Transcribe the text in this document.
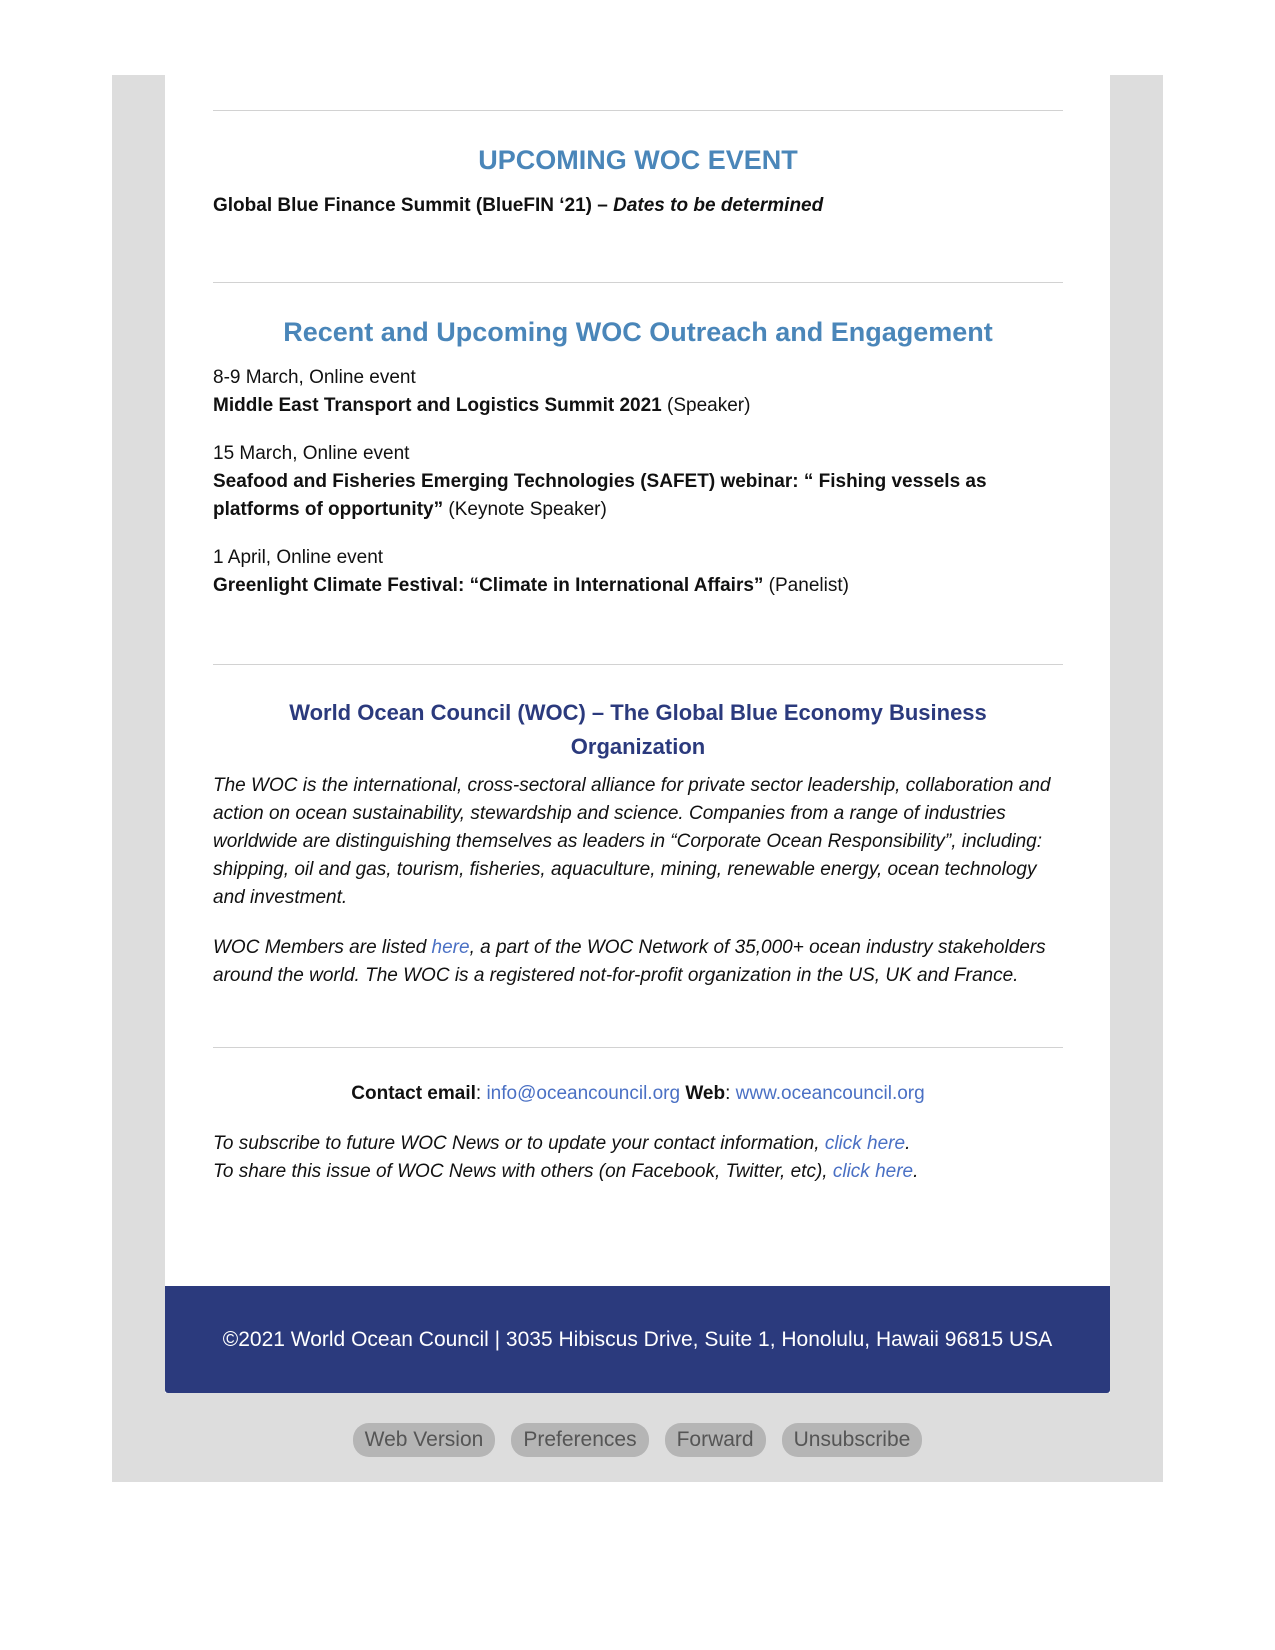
UPCOMING WOC EVENT

Global Blue Finance Summit (BlueFIN ‘21) – Dates to be determined

Recent and Upcoming WOC Outreach and Engagement

8-9 March, Online event

Middle East Transport and Logistics Summit 2021 (Speaker)

15 March, Online event

Seafood and Fisheries Emerging Technologies (SAFET) webinar: “ Fishing vessels as platforms of opportunity” (Keynote Speaker)

1 April, Online event

Greenlight Climate Festival: “Climate in International Affairs” (Panelist)

World Ocean Council (WOC) – The Global Blue Economy Business Organization

The WOC is the international, cross-sectoral alliance for private sector leadership, collaboration and action on ocean sustainability, stewardship and science. Companies from a range of industries worldwide are distinguishing themselves as leaders in “Corporate Ocean Responsibility”, including: shipping, oil and gas, tourism, fisheries, aquaculture, mining, renewable energy, ocean technology and investment.

WOC Members are listed here, a part of the WOC Network of 35,000+ ocean industry stakeholders around the world. The WOC is a registered not-for-profit organization in the US, UK and France.

Contact email: info@oceancouncil.org Web: www.oceancouncil.org

To subscribe to future WOC News or to update your contact information, click here.

To share this issue of WOC News with others (on Facebook, Twitter, etc), click here.

©2021 World Ocean Council | 3035 Hibiscus Drive, Suite 1, Honolulu, Hawaii 96815 USA
Web Version	Preferences	Forward	Unsubscribe
